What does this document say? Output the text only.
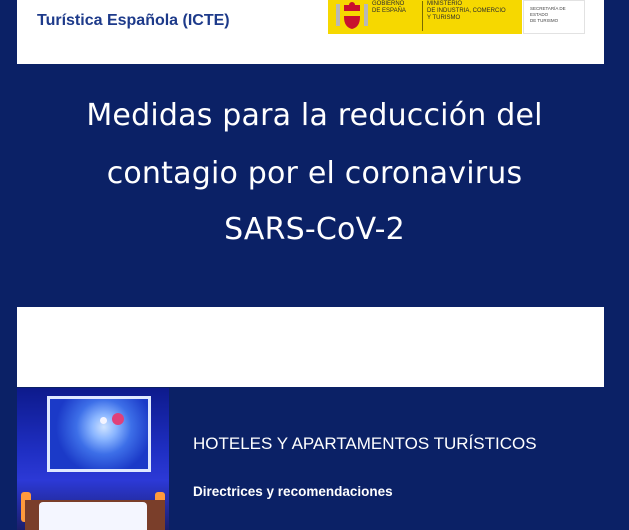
Turística Española (ICTE)
GOBIERNO
DE ESPAÑA
MINISTERIO
DE INDUSTRIA, COMERCIO
Y TURISMO
SECRETARÍA DE ESTADO
DE TURISMO
Medidas para la reducción del
contagio por el coronavirus
SARS-CoV-2
HOTELES Y APARTAMENTOS TURÍSTICOS
Directrices y recomendaciones
